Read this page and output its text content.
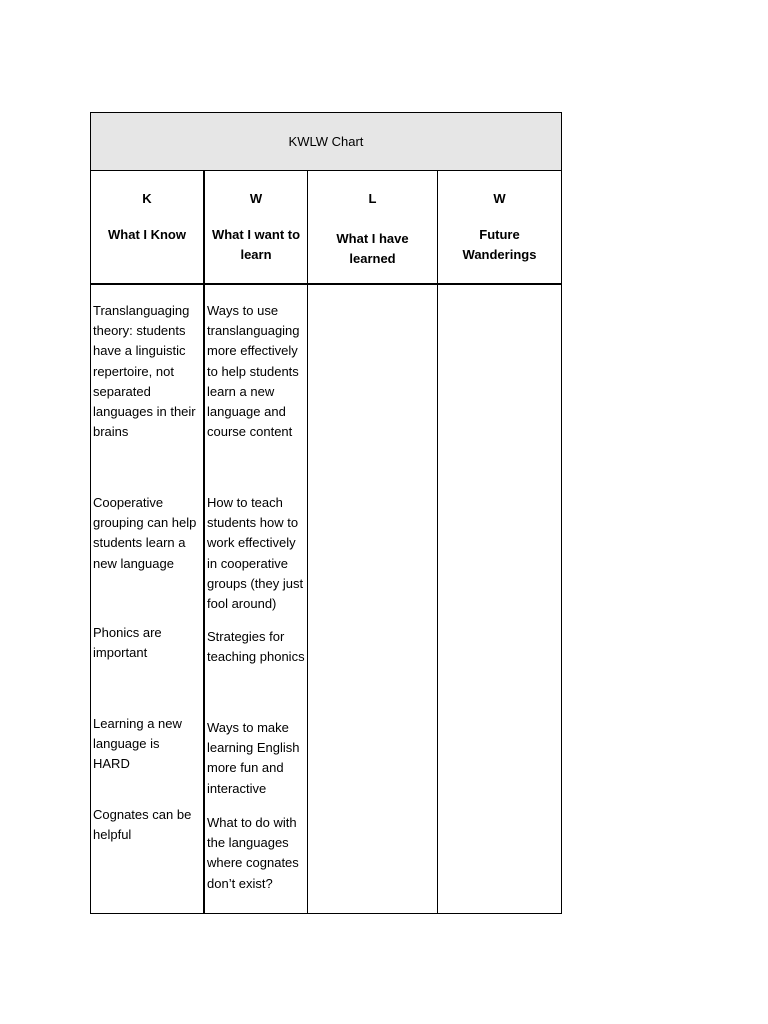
KWLW Chart
K
What I Know
W
What I want to learn
L
What I have learned
W
Future Wanderings
Translanguaging theory: students have a linguistic repertoire, not separated languages in their brains
Cooperative grouping can help students learn a new language
Phonics are important
Learning a new language is HARD
Cognates can be helpful
Ways to use translanguaging more effectively to help students learn a new language and course content
How to teach students how to work effectively in cooperative groups (they just fool around)
Strategies for teaching phonics
Ways to make learning English more fun and interactive
What to do with the languages where cognates don’t exist?
